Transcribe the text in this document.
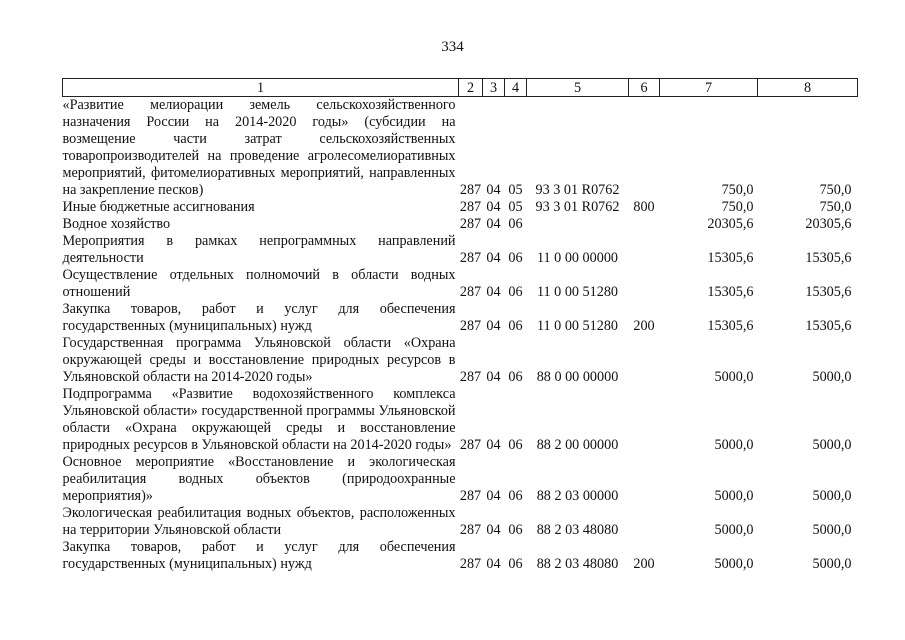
334
1	2	3	4	5	6	7	8
«Развитие мелиорации земель сельскохозяйственного назначения России на 2014-2020 годы» (субсидии на возмещение части затрат сельскохозяйственных товаропроизводителей на проведение агролесомелиоративных мероприятий, фитомелиоративных мероприятий, направленных на закрепление песков)	287	04	05	93 3 01 R0762		750,0	750,0
Иные бюджетные ассигнования	287	04	05	93 3 01 R0762	800	750,0	750,0
Водное хозяйство	287	04	06			20305,6	20305,6
Мероприятия в рамках непрограммных направлений деятельности	287	04	06	11 0 00 00000		15305,6	15305,6
Осуществление отдельных полномочий в области водных отношений	287	04	06	11 0 00 51280		15305,6	15305,6
Закупка товаров, работ и услуг для обеспечения государственных (муниципальных) нужд	287	04	06	11 0 00 51280	200	15305,6	15305,6
Государственная программа Ульяновской области «Охрана окружающей среды и восстановление природных ресурсов в Ульяновской области на 2014-2020 годы»	287	04	06	88 0 00 00000		5000,0	5000,0
Подпрограмма «Развитие водохозяйственного комплекса Ульяновской области» государственной программы Ульяновской области «Охрана окружающей среды и восстановление природных ресурсов в Ульяновской области на 2014-2020 годы»	287	04	06	88 2 00 00000		5000,0	5000,0
Основное мероприятие «Восстановление и экологическая реабилитация водных объектов (природоохранные мероприятия)»	287	04	06	88 2 03 00000		5000,0	5000,0
Экологическая реабилитация водных объектов, расположенных на территории Ульяновской области	287	04	06	88 2 03 48080		5000,0	5000,0
Закупка товаров, работ и услуг для обеспечения государственных (муниципальных) нужд	287	04	06	88 2 03 48080	200	5000,0	5000,0
